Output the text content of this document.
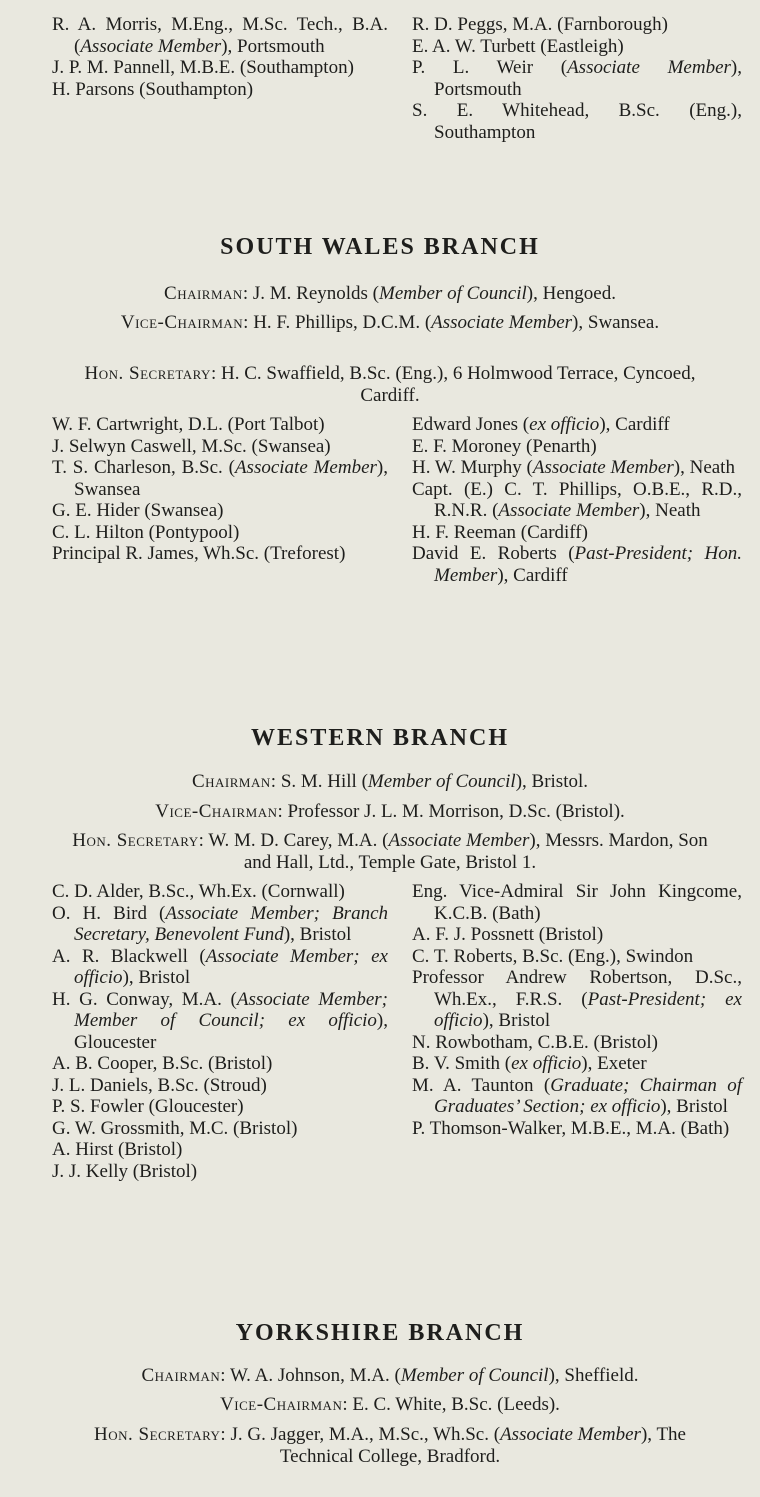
R. A. Morris, M.Eng., M.Sc. Tech., B.A. (Associate Member), Portsmouth

J. P. M. Pannell, M.B.E. (Southampton)

H. Parsons (Southampton)

R. D. Peggs, M.A. (Farnborough)

E. A. W. Turbett (Eastleigh)

P. L. Weir (Associate Member), Portsmouth

S. E. Whitehead, B.Sc. (Eng.), Southampton

SOUTH WALES BRANCH

Chairman: J. M. Reynolds (Member of Council), Hengoed.

Vice-Chairman: H. F. Phillips, D.C.M. (Associate Member), Swansea.

Hon. Secretary: H. C. Swaffield, B.Sc. (Eng.), 6 Holmwood Terrace, Cyncoed, Cardiff.

W. F. Cartwright, D.L. (Port Talbot)

J. Selwyn Caswell, M.Sc. (Swansea)

T. S. Charleson, B.Sc. (Associate Member), Swansea

G. E. Hider (Swansea)

C. L. Hilton (Pontypool)

Principal R. James, Wh.Sc. (Treforest)

Edward Jones (ex officio), Cardiff

E. F. Moroney (Penarth)

H. W. Murphy (Associate Member), Neath

Capt. (E.) C. T. Phillips, O.B.E., R.D., R.N.R. (Associate Member), Neath

H. F. Reeman (Cardiff)

David E. Roberts (Past-President; Hon. Member), Cardiff

WESTERN BRANCH

Chairman: S. M. Hill (Member of Council), Bristol.

Vice-Chairman: Professor J. L. M. Morrison, D.Sc. (Bristol).

Hon. Secretary: W. M. D. Carey, M.A. (Associate Member), Messrs. Mardon, Son and Hall, Ltd., Temple Gate, Bristol 1.

C. D. Alder, B.Sc., Wh.Ex. (Cornwall)

O. H. Bird (Associate Member; Branch Secretary, Benevolent Fund), Bristol

A. R. Blackwell (Associate Member; ex officio), Bristol

H. G. Conway, M.A. (Associate Member; Member of Council; ex officio), Gloucester

A. B. Cooper, B.Sc. (Bristol)

J. L. Daniels, B.Sc. (Stroud)

P. S. Fowler (Gloucester)

G. W. Grossmith, M.C. (Bristol)

A. Hirst (Bristol)

J. J. Kelly (Bristol)

Eng. Vice-Admiral Sir John Kingcome, K.C.B. (Bath)

A. F. J. Possnett (Bristol)

C. T. Roberts, B.Sc. (Eng.), Swindon

Professor Andrew Robertson, D.Sc., Wh.Ex., F.R.S. (Past-President; ex officio), Bristol

N. Rowbotham, C.B.E. (Bristol)

B. V. Smith (ex officio), Exeter

M. A. Taunton (Graduate; Chairman of Graduates’ Section; ex officio), Bristol

P. Thomson-Walker, M.B.E., M.A. (Bath)

YORKSHIRE BRANCH

Chairman: W. A. Johnson, M.A. (Member of Council), Sheffield.

Vice-Chairman: E. C. White, B.Sc. (Leeds).

Hon. Secretary: J. G. Jagger, M.A., M.Sc., Wh.Sc. (Associate Member), The Technical College, Bradford.
